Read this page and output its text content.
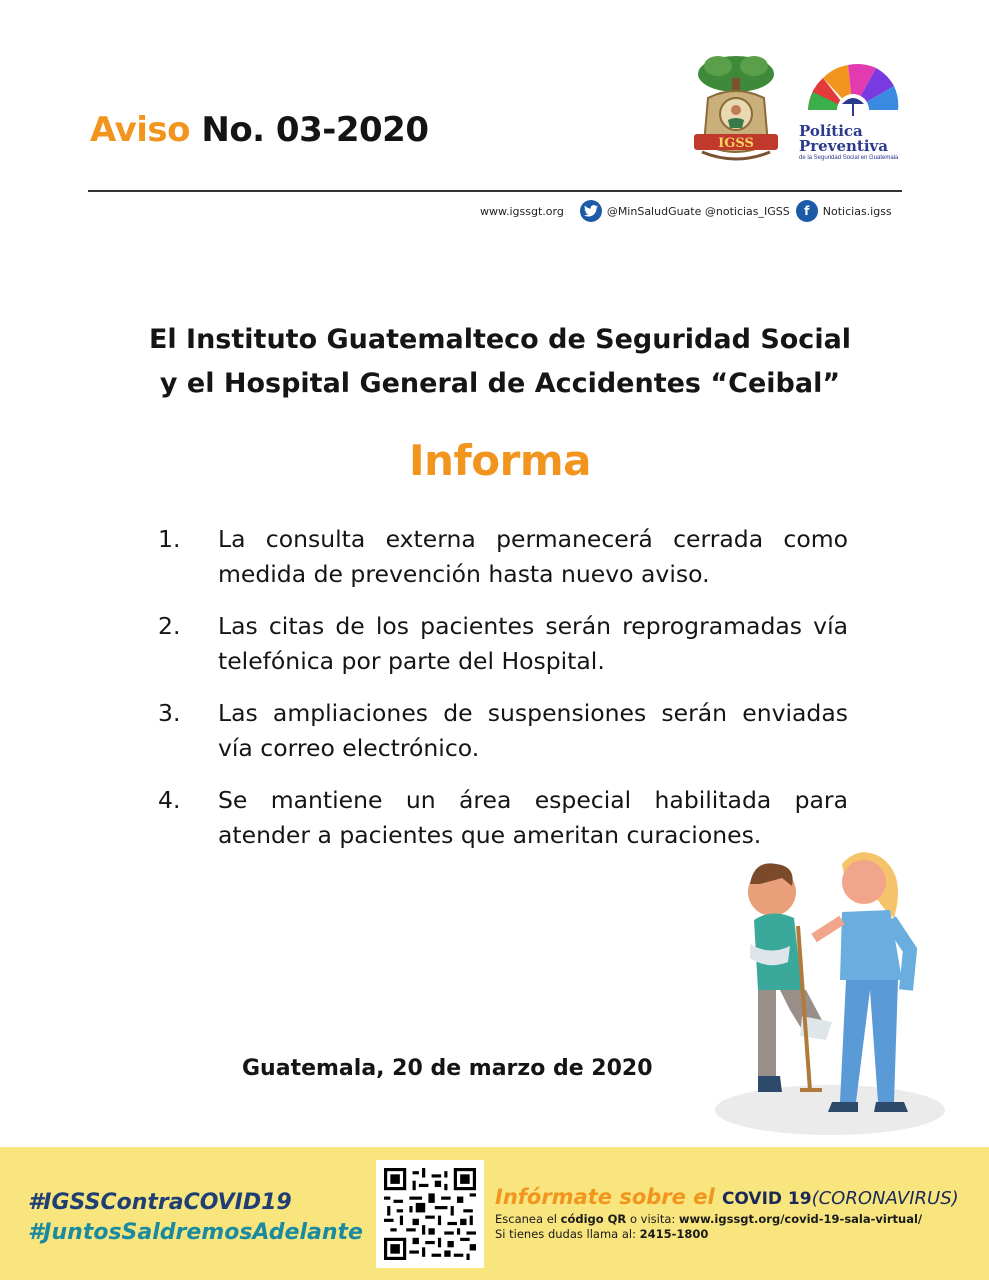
Aviso No. 03-2020	IGSS
Política
Preventiva
de la Seguridad Social en Guatemala
www.igssgt.org	@MinSaludGuate @noticias_IGSS	f	Noticias.igss
El Instituto Guatemalteco de Seguridad Social
y el Hospital General de Accidentes “Ceibal”
Informa
1.	La consulta externa permanecerá cerrada como medida de prevención hasta nuevo aviso.
2.	Las citas de los pacientes serán reprogramadas vía telefónica por parte del Hospital.
3.	Las ampliaciones de suspensiones serán enviadas vía correo electrónico.
4.	Se mantiene un área especial habilitada para atender a pacientes que ameritan curaciones.
Guatemala, 20 de marzo de 2020
#IGSSContraCOVID19
#JuntosSaldremosAdelante
Infórmate sobre el COVID 19(CORONAVIRUS)
Escanea el código QR o visita: www.igssgt.org/covid-19-sala-virtual/
Si tienes dudas llama al: 2415-1800
